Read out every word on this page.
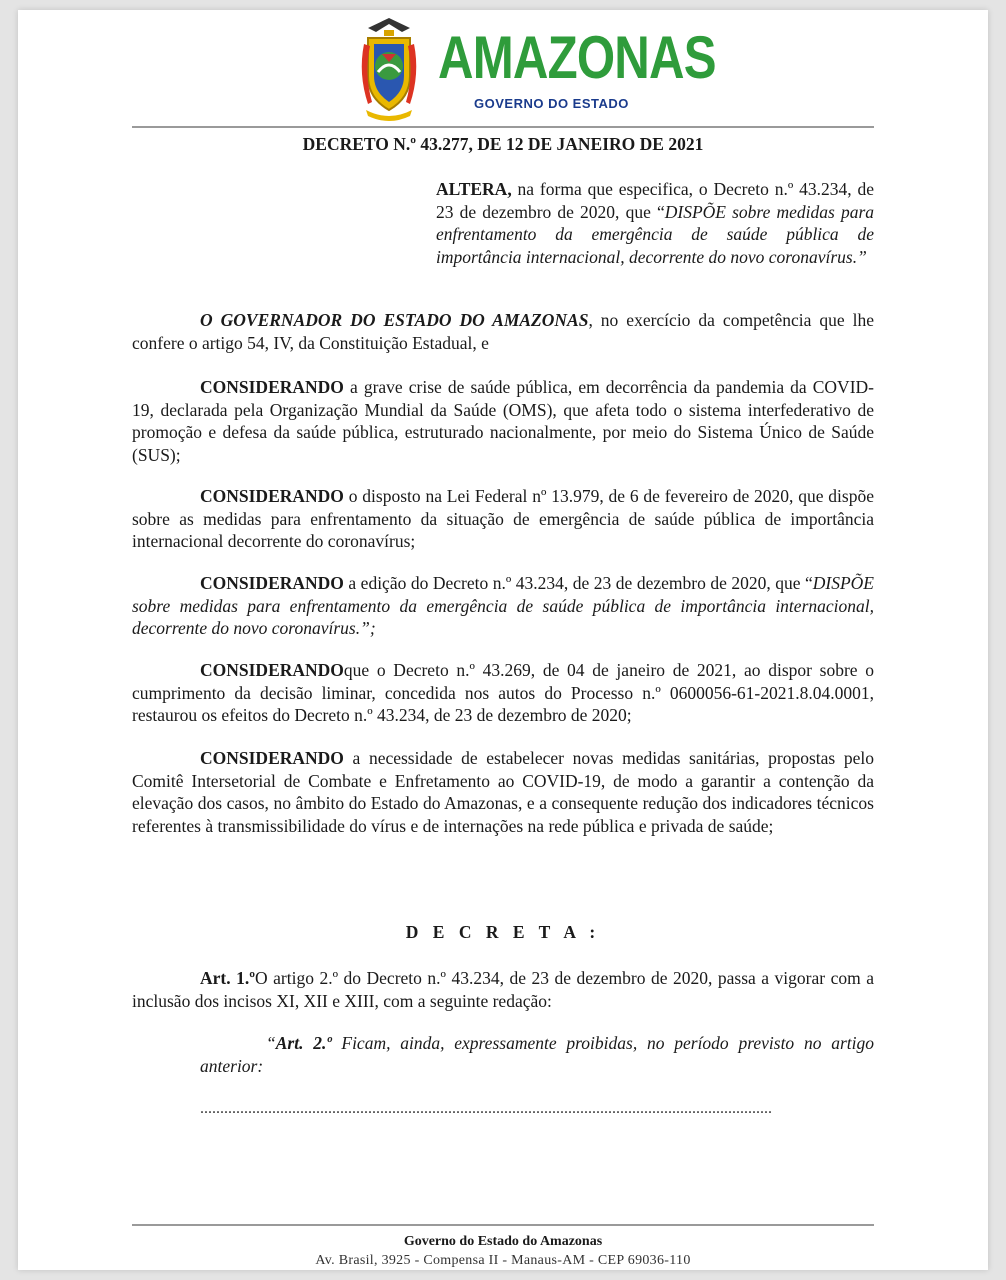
AMAZONAS
GOVERNO DO ESTADO
DECRETO N.º 43.277, DE 12 DE JANEIRO DE 2021
ALTERA, na forma que especifica, o Decreto n.º 43.234, de 23 de dezembro de 2020, que “DISPÕE sobre medidas para enfrentamento da emergência de saúde pública de importância internacional, decorrente do novo coronavírus.”
O GOVERNADOR DO ESTADO DO AMAZONAS, no exercício da competência que lhe confere o artigo 54, IV, da Constituição Estadual, e
CONSIDERANDO a grave crise de saúde pública, em decorrência da pandemia da COVID-19, declarada pela Organização Mundial da Saúde (OMS), que afeta todo o sistema interfederativo de promoção e defesa da saúde pública, estruturado nacionalmente, por meio do Sistema Único de Saúde (SUS);
CONSIDERANDO o disposto na Lei Federal nº 13.979, de 6 de fevereiro de 2020, que dispõe sobre as medidas para enfrentamento da situação de emergência de saúde pública de importância internacional decorrente do coronavírus;
CONSIDERANDO a edição do Decreto n.º 43.234, de 23 de dezembro de 2020, que “DISPÕE sobre medidas para enfrentamento da emergência de saúde pública de importância internacional, decorrente do novo coronavírus.”;
CONSIDERANDOque o Decreto n.º 43.269, de 04 de janeiro de 2021, ao dispor sobre o cumprimento da decisão liminar, concedida nos autos do Processo n.º 0600056-61-2021.8.04.0001, restaurou os efeitos do Decreto n.º 43.234, de 23 de dezembro de 2020;
CONSIDERANDO a necessidade de estabelecer novas medidas sanitárias, propostas pelo Comitê Intersetorial de Combate e Enfretamento ao COVID-19, de modo a garantir a contenção da elevação dos casos, no âmbito do Estado do Amazonas, e a consequente redução dos indicadores técnicos referentes à transmissibilidade do vírus e de internações na rede pública e privada de saúde;
D E C R E T A :
Art. 1.ºO artigo 2.º do Decreto n.º 43.234, de 23 de dezembro de 2020, passa a vigorar com a inclusão dos incisos XI, XII e XIII, com a seguinte redação:
“Art. 2.º Ficam, ainda, expressamente proibidas, no período previsto no artigo anterior:
...............................................................................................................................................
Governo do Estado do Amazonas
Av. Brasil, 3925 - Compensa II - Manaus-AM - CEP 69036-110
